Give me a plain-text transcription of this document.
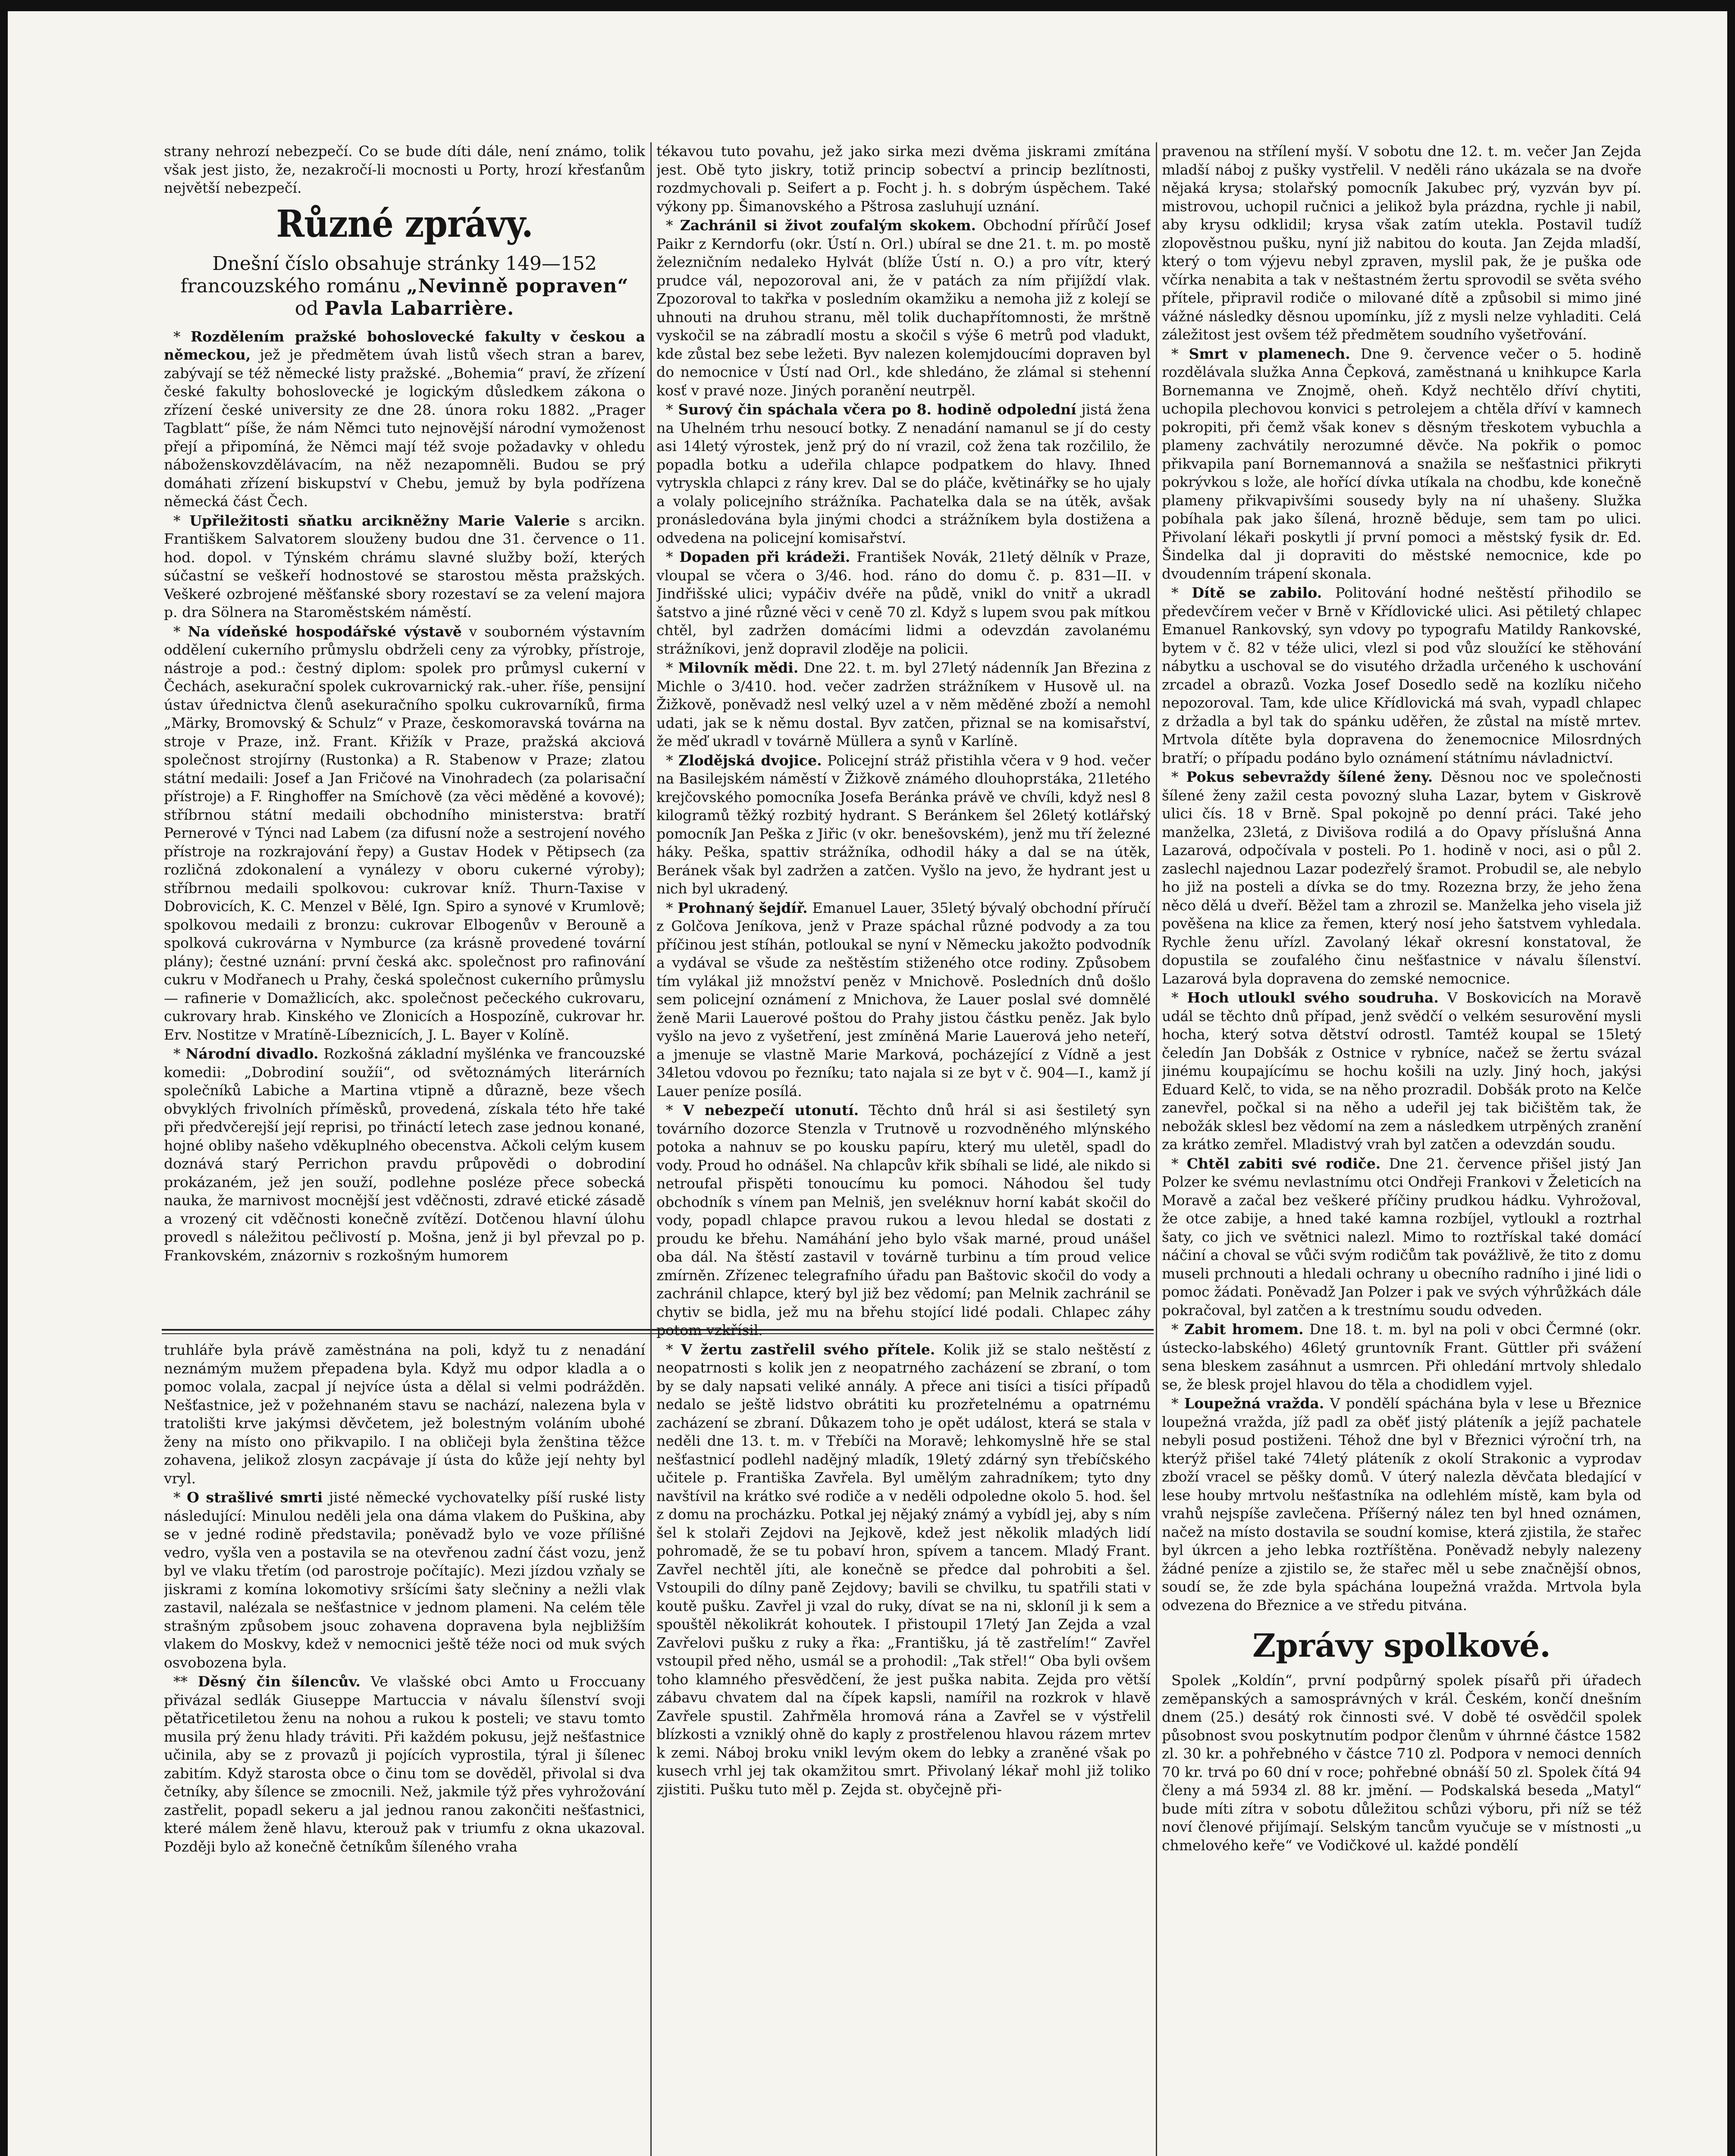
strany nehrozí nebezpečí. Co se bude díti dále, není známo, tolik však jest jisto, že, nezakročí-li mocnosti u Porty, hrozí křesťanům největší nebezpečí.

Různé zprávy.
Dnešní číslo obsahuje stránky 149—152
francouzského románu „Nevinně popraven“
od Pavla Labarrière.

* Rozdělením pražské bohoslovecké fakulty v českou a německou, jež je předmětem úvah listů všech stran a barev, zabývají se též německé listy pražské. „Bohemia“ praví, že zřízení české fakulty bohoslovecké je logickým důsledkem zákona o zřízení české university ze dne 28. února roku 1882. „Prager Tagblatt“ píše, že nám Němci tuto nejnovější národní vymoženost přejí a připomíná, že Němci mají též svoje požadavky v ohledu náboženskovzdělávacím, na něž nezapomněli. Budou se prý domáhati zřízení biskupství v Chebu, jemuž by byla podřízena německá část Čech.

* Upřiležitosti sňatku arcikněžny Marie Valerie s arcikn. Františkem Salvatorem slouženy budou dne 31. července o 11. hod. dopol. v Týnském chrámu slavné služby boží, kterých súčastní se veškeří hodnostové se starostou města pražských. Veškeré ozbrojené měšťanské sbory rozestaví se za velení majora p. dra Sölnera na Staroměstském náměstí.

* Na vídeňské hospodářské výstavě v souborném výstavním oddělení cukerního průmyslu obdrželi ceny za výrobky, přístroje, nástroje a pod.: čestný diplom: spolek pro průmysl cukerní v Čechách, asekurační spolek cukrovarnický rak.-uher. říše, pensijní ústav úřednictva členů asekuračního spolku cukrovarníků, firma „Märky, Bromovský & Schulz“ v Praze, českomoravská továrna na stroje v Praze, inž. Frant. Křižík v Praze, pražská akciová společnost strojírny (Rustonka) a R. Stabenow v Praze; zlatou státní medaili: Josef a Jan Fričové na Vinohradech (za polarisační přístroje) a F. Ringhoffer na Smíchově (za věci měděné a kovové); stříbrnou státní medaili obchodního ministerstva: bratří Pernerové v Týnci nad Labem (za difusní nože a sestrojení nového přístroje na rozkrajování řepy) a Gustav Hodek v Pětipsech (za rozličná zdokonalení a vynálezy v oboru cukerné výroby); stříbrnou medaili spolkovou: cukrovar kníž. Thurn-Taxise v Dobrovicích, K. C. Menzel v Bělé, Ign. Spiro a synové v Krumlově; spolkovou medaili z bronzu: cukrovar Elbogenův v Berouně a spolková cukrovárna v Nymburce (za krásně provedené tovární plány); čestné uznání: první česká akc. společnost pro rafinování cukru v Modřanech u Prahy, česká společnost cukerního průmyslu — rafinerie v Domažlicích, akc. společnost pečeckého cukrovaru, cukrovary hrab. Kinského ve Zlonicích a Hospozíně, cukrovar hr. Erv. Nostitze v Mratíně-Líbeznicích, J. L. Bayer v Kolíně.

* Národní divadlo. Rozkošná základní myšlénka ve francouzské komedii: „Dobrodiní soužíi“, od světoznámých literárních společníků Labiche a Martina vtipně a důrazně, beze všech obvyklých frivolních příměsků, provedená, získala této hře také při předvčerejší její reprisi, po třináctí letech zase jednou konané, hojné obliby našeho vděkuplného obecenstva. Ačkoli celým kusem doznává starý Perrichon pravdu průpovědi o dobrodiní prokázaném, jež jen souží, podlehne posléze přece sobecká nauka, že marnivost mocnější jest vděčnosti, zdravé etické zásadě a vrozený cit vděčnosti konečně zvítězí. Dotčenou hlavní úlohu provedl s náležitou pečlivostí p. Mošna, jenž ji byl převzal po p. Frankovském, znázorniv s rozkošným humorem

truhláře byla právě zaměstnána na poli, když tu z nenadání neznámým mužem přepadena byla. Když mu odpor kladla a o pomoc volala, zacpal jí nejvíce ústa a dělal si velmi podrážděn. Nešťastnice, jež v požehnaném stavu se nachází, nalezena byla v tratolišti krve jakýmsi děvčetem, jež bolestným voláním ubohé ženy na místo ono přikvapilo. I na obličeji byla ženština těžce zohavena, jelikož zlosyn zacpávaje jí ústa do kůže její nehty byl vryl.

* O strašlivé smrti jisté německé vychovatelky píší ruské listy následující: Minulou neděli jela ona dáma vlakem do Puškina, aby se v jedné rodině představila; poněvadž bylo ve voze přílišné vedro, vyšla ven a postavila se na otevřenou zadní část vozu, jenž byl ve vlaku třetím (od parostroje počítajíc). Mezi jízdou vzňaly se jiskrami z komína lokomotivy sršícími šaty slečniny a nežli vlak zastavil, nalézala se nešťastnice v jednom plameni. Na celém těle strašným způsobem jsouc zohavena dopravena byla nejbližším vlakem do Moskvy, kdež v nemocnici ještě téže noci od muk svých osvobozena byla.

** Děsný čin šílencův. Ve vlašské obci Amto u Froccuany přivázal sedlák Giuseppe Martuccia v návalu šílenství svoji pětatřicetiletou ženu na nohou a rukou k posteli; ve stavu tomto musila prý ženu hlady tráviti. Při každém pokusu, jejž nešťastnice učinila, aby se z provazů ji pojících vyprostila, týral ji šílenec zabitím. Když starosta obce o činu tom se dověděl, přivolal si dva četníky, aby šílence se zmocnili. Než, jakmile týž přes vyhrožování zastřelit, popadl sekeru a jal jednou ranou zakončiti nešťastnici, které málem ženě hlavu, kterouž pak v triumfu z okna ukazoval. Později bylo až konečně četníkům šíleného vraha

tékavou tuto povahu, jež jako sirka mezi dvěma jiskrami zmítána jest. Obě tyto jiskry, totiž princip sobectví a princip bezlítnosti, rozdmychovali p. Seifert a p. Focht j. h. s dobrým úspěchem. Také výkony pp. Šimanovského a Pštrosa zasluhují uznání.

* Zachránil si život zoufalým skokem. Obchodní přírůčí Josef Paikr z Kerndorfu (okr. Ústí n. Orl.) ubíral se dne 21. t. m. po mostě železničním nedaleko Hylvát (blíže Ústí n. O.) a pro vítr, který prudce vál, nepozoroval ani, že v patách za ním přijíždí vlak. Zpozoroval to takřka v posledním okamžiku a nemoha již z kolejí se uhnouti na druhou stranu, měl tolik duchapřítomnosti, že mrštně vyskočil se na zábradlí mostu a skočil s výše 6 metrů pod vladukt, kde zůstal bez sebe ležeti. Byv nalezen kolemjdoucími dopraven byl do nemocnice v Ústí nad Orl., kde shledáno, že zlámal si stehenní kosť v pravé noze. Jiných poranění neutrpěl.

* Surový čin spáchala včera po 8. hodině odpolední jistá žena na Uhelném trhu nesoucí botky. Z nenadání namanul se jí do cesty asi 14letý výrostek, jenž prý do ní vrazil, což žena tak rozčililo, že popadla botku a udeřila chlapce podpatkem do hlavy. Ihned vytryskla chlapci z rány krev. Dal se do pláče, květinářky se ho ujaly a volaly policejního strážníka. Pachatelka dala se na útěk, avšak pronásledována byla jinými chodci a strážníkem byla dostižena a odvedena na policejní komisařství.

* Dopaden při krádeži. František Novák, 21letý dělník v Praze, vloupal se včera o 3/46. hod. ráno do domu č. p. 831—II. v Jindřišské ulici; vypáčiv dvéře na půdě, vnikl do vnitř a ukradl šatstvo a jiné různé věci v ceně 70 zl. Když s lupem svou pak mítkou chtěl, byl zadržen domácími lidmi a odevzdán zavolanému strážníkovi, jenž dopravil zloděje na policii.

* Milovník mědi. Dne 22. t. m. byl 27letý nádenník Jan Březina z Michle o 3/410. hod. večer zadržen strážníkem v Husově ul. na Žižkově, poněvadž nesl velký uzel a v něm měděné zboží a nemohl udati, jak se k němu dostal. Byv zatčen, přiznal se na komisařství, že měď ukradl v továrně Müllera a synů v Karlíně.

* Zlodějská dvojice. Policejní stráž přistihla včera v 9 hod. večer na Basilejském náměstí v Žižkově známého dlouhoprstáka, 21letého krejčovského pomocníka Josefa Beránka právě ve chvíli, když nesl 8 kilogramů těžký rozbitý hydrant. S Beránkem šel 26letý kotlářský pomocník Jan Peška z Jiřic (v okr. benešovském), jenž mu tří železné háky. Peška, spattiv strážníka, odhodil háky a dal se na útěk, Beránek však byl zadržen a zatčen. Vyšlo na jevo, že hydrant jest u nich byl ukradený.

* Prohnaný šejdíř. Emanuel Lauer, 35letý bývalý obchodní příručí z Golčova Jeníkova, jenž v Praze spáchal různé podvody a za tou příčinou jest stíhán, potloukal se nyní v Německu jakožto podvodník a vydával se všude za neštěstím stiženého otce rodiny. Způsobem tím vylákal již množství peněz v Mnichově. Posledních dnů došlo sem policejní oznámení z Mnichova, že Lauer poslal své domnělé ženě Marii Lauerové poštou do Prahy jistou částku peněz. Jak bylo vyšlo na jevo z vyšetření, jest zmíněná Marie Lauerová jeho neteří, a jmenuje se vlastně Marie Marková, pocházející z Vídně a jest 34letou vdovou po řezníku; tato najala si ze byt v č. 904—I., kamž jí Lauer peníze posílá.

* V nebezpečí utonutí. Těchto dnů hrál si asi šestiletý syn továrního dozorce Stenzla v Trutnově u rozvodněného mlýnského potoka a nahnuv se po kousku papíru, který mu uletěl, spadl do vody. Proud ho odnášel. Na chlapcův křik sbíhali se lidé, ale nikdo si netroufal přispěti tonoucímu ku pomoci. Náhodou šel tudy obchodník s vínem pan Melniš, jen sveléknuv horní kabát skočil do vody, popadl chlapce pravou rukou a levou hledal se dostati z proudu ke břehu. Namáhání jeho bylo však marné, proud unášel oba dál. Na štěstí zastavil v továrně turbinu a tím proud velice zmírněn. Zřízenec telegrafního úřadu pan Baštovic skočil do vody a zachránil chlapce, který byl již bez vědomí; pan Melnik zachránil se chytiv se bidla, jež mu na břehu stojící lidé podali. Chlapec záhy potom vzkřísil.

* V žertu zastřelil svého přítele. Kolik již se stalo neštěstí z neopatrnosti s kolik jen z neopatrného zacházení se zbraní, o tom by se daly napsati veliké annály. A přece ani tisíci a tisíci případů nedalo se ještě lidstvo obrátiti ku prozřetelnému a opatrnému zacházení se zbraní. Důkazem toho je opět událost, která se stala v neděli dne 13. t. m. v Třebíči na Moravě; lehkomyslně hře se stal nešťastnicí podlehl nadějný mladík, 19letý zdárný syn třebíčského učitele p. Františka Zavřela. Byl umělým zahradníkem; tyto dny navštívil na krátko své rodiče a v neděli odpoledne okolo 5. hod. šel z domu na procházku. Potkal jej nějaký známý a vybídl jej, aby s ním šel k stolaři Zejdovi na Jejkově, kdež jest několik mladých lidí pohromadě, že se tu pobaví hron, spívem a tancem. Mladý Frant. Zavřel nechtěl jíti, ale konečně se předce dal pohrobiti a šel. Vstoupili do dílny paně Zejdovy; bavili se chvilku, tu spatřili stati v koutě pušku. Zavřel ji vzal do ruky, dívat se na ni, skloníl ji k sem a spouštěl několikrát kohoutek. I přistoupil 17letý Jan Zejda a vzal Zavřelovi pušku z ruky a řka: „Františku, já tě zastřelím!“ Zavřel vstoupil před něho, usmál se a prohodil: „Tak střel!“ Oba byli ovšem toho klamného přesvědčení, že jest puška nabita. Zejda pro větší zábavu chvatem dal na čípek kapsli, namířil na rozkrok v hlavě Zavřele spustil. Zahřměla hromová rána a Zavřel se v výstřelil blízkosti a vzniklý ohně do kaply z prostřelenou hlavou rázem mrtev k zemi. Náboj broku vnikl levým okem do lebky a zraněné však po kusech vrhl jej tak okamžitou smrt. Přivolaný lékař mohl již toliko zjistiti. Pušku tuto měl p. Zejda st. obyčejně při-

pravenou na střílení myší. V sobotu dne 12. t. m. večer Jan Zejda mladší náboj z pušky vystřelil. V neděli ráno ukázala se na dvoře nějaká krysa; stolařský pomocník Jakubec prý, vyzván byv pí. mistrovou, uchopil ručnici a jelikož byla prázdna, rychle ji nabil, aby krysu odklidil; krysa však zatím utekla. Postavil tudíž zlopověstnou pušku, nyní již nabitou do kouta. Jan Zejda mladší, který o tom výjevu nebyl zpraven, myslil pak, že je puška ode včírka nenabita a tak v neštastném žertu sprovodil se světa svého přítele, připravil rodiče o milované dítě a způsobil si mimo jiné vážné následky děsnou upomínku, jíž z mysli nelze vyhladiti. Celá záležitost jest ovšem též předmětem soudního vyšetřování.

* Smrt v plamenech. Dne 9. července večer o 5. hodině rozdělávala služka Anna Čepková, zaměstnaná u knihkupce Karla Bornemanna ve Znojmě, oheň. Když nechtělo dříví chytiti, uchopila plechovou konvici s petrolejem a chtěla dříví v kamnech pokropiti, při čemž však konev s děsným třeskotem vybuchla a plameny zachvátily nerozumné děvče. Na pokřik o pomoc přikvapila paní Bornemannová a snažila se nešťastnici přikryti pokrývkou s lože, ale hořící dívka utíkala na chodbu, kde konečně plameny přikvapivšími sousedy byly na ní uhašeny. Služka pobíhala pak jako šílená, hrozně běduje, sem tam po ulici. Přivolaní lékaři poskytli jí první pomoci a městský fysik dr. Ed. Šindelka dal ji dopraviti do městské nemocnice, kde po dvoudenním trápení skonala.

* Dítě se zabilo. Politování hodné neštěstí přihodilo se předevčírem večer v Brně v Křídlovické ulici. Asi pětiletý chlapec Emanuel Rankovský, syn vdovy po typografu Matildy Rankovské, bytem v č. 82 v téže ulici, vlezl si pod vůz sloužící ke stěhování nábytku a uschoval se do visutého držadla určeného k uschování zrcadel a obrazů. Vozka Josef Dosedlo sedě na kozlíku ničeho nepozoroval. Tam, kde ulice Křídlovická má svah, vypadl chlapec z držadla a byl tak do spánku uděřen, že zůstal na místě mrtev. Mrtvola dítěte byla dopravena do ženemocnice Milosrdných bratří; o případu podáno bylo oznámení státnímu návladnictví.

* Pokus sebevraždy šílené ženy. Děsnou noc ve společnosti šílené ženy zažil cesta povozný sluha Lazar, bytem v Giskrově ulici čís. 18 v Brně. Spal pokojně po denní práci. Také jeho manželka, 23letá, z Divišova rodilá a do Opavy příslušná Anna Lazarová, odpočívala v posteli. Po 1. hodině v noci, asi o půl 2. zaslechl najednou Lazar podezřelý šramot. Probudil se, ale nebylo ho již na posteli a dívka se do tmy. Rozezna brzy, že jeho žena něco dělá u dveří. Běžel tam a zhrozil se. Manželka jeho visela již pověšena na klice za řemen, který nosí jeho šatstvem vyhledala. Rychle ženu uřízl. Zavolaný lékař okresní konstatoval, že dopustila se zoufalého činu nešťastnice v návalu šílenství. Lazarová byla dopravena do zemské nemocnice.

* Hoch utloukl svého soudruha. V Boskovicích na Moravě udál se těchto dnů případ, jenž svědčí o velkém sesurovění mysli hocha, který sotva dětství odrostl. Tamtéž koupal se 15letý čeledín Jan Dobšák z Ostnice v rybníce, načež se žertu svázal jinému koupajícímu se hochu košili na uzly. Jiný hoch, jakýsi Eduard Kelč, to vida, se na něho prozradil. Dobšák proto na Kelče zanevřel, počkal si na něho a udeřil jej tak bičištěm tak, že nebožák sklesl bez vědomí na zem a následkem utrpěných zranění za krátko zemřel. Mladistvý vrah byl zatčen a odevzdán soudu.

* Chtěl zabiti své rodiče. Dne 21. července přišel jistý Jan Polzer ke svému nevlastnímu otci Ondřeji Frankovi v Želeticích na Moravě a začal bez veškeré příčiny prudkou hádku. Vyhrožoval, že otce zabije, a hned také kamna rozbíjel, vytloukl a roztrhal šaty, co jich ve světnici nalezl. Mimo to roztřískal také domácí náčiní a choval se vůči svým rodičům tak povážlivě, že tito z domu museli prchnouti a hledali ochrany u obecního radního i jiné lidi o pomoc žádati. Poněvadž Jan Polzer i pak ve svých výhrůžkách dále pokračoval, byl zatčen a k trestnímu soudu odveden.

* Zabit hromem. Dne 18. t. m. byl na poli v obci Čermné (okr. ústecko-labského) 46letý gruntovník Frant. Güttler při svážení sena bleskem zasáhnut a usmrcen. Při ohledání mrtvoly shledalo se, že blesk projel hlavou do těla a chodidlem vyjel.

* Loupežná vražda. V pondělí spáchána byla v lese u Březnice loupežná vražda, jíž padl za oběť jistý pláteník a jejíž pachatele nebyli posud postiženi. Téhož dne byl v Březnici výroční trh, na kterýž přišel také 74letý pláteník z okolí Strakonic a vyprodav zboží vracel se pěšky domů. V úterý nalezla děvčata bledající v lese houby mrtvolu nešťastníka na odlehlém místě, kam byla od vrahů nejspíše zavlečena. Příšerný nález ten byl hned oznámen, načež na místo dostavila se soudní komise, která zjistila, že stařec byl úkrcen a jeho lebka roztříštěna. Poněvadž nebyly nalezeny žádné peníze a zjistilo se, že stařec měl u sebe značnější obnos, soudí se, že zde byla spáchána loupežná vražda. Mrtvola byla odvezena do Březnice a ve středu pitvána.

Zprávy spolkové.

Spolek „Koldín“, první podpůrný spolek písařů při úřadech zeměpanských a samosprávných v král. Českém, končí dnešním dnem (25.) desátý rok činnosti své. V době té osvědčil spolek působnost svou poskytnutím podpor členům v úhrnné částce 1582 zl. 30 kr. a pohřebného v částce 710 zl. Podpora v nemoci denních 70 kr. trvá po 60 dní v roce; pohřebné obnáší 50 zl. Spolek čítá 94 členy a má 5934 zl. 88 kr. jmění. — Podskalská beseda „Matyl“ bude míti zítra v sobotu důležitou schůzi výboru, při níž se též noví členové přijímají. Selským tancům vyučuje se v místnosti „u chmelového keře“ ve Vodičkové ul. každé pondělí
